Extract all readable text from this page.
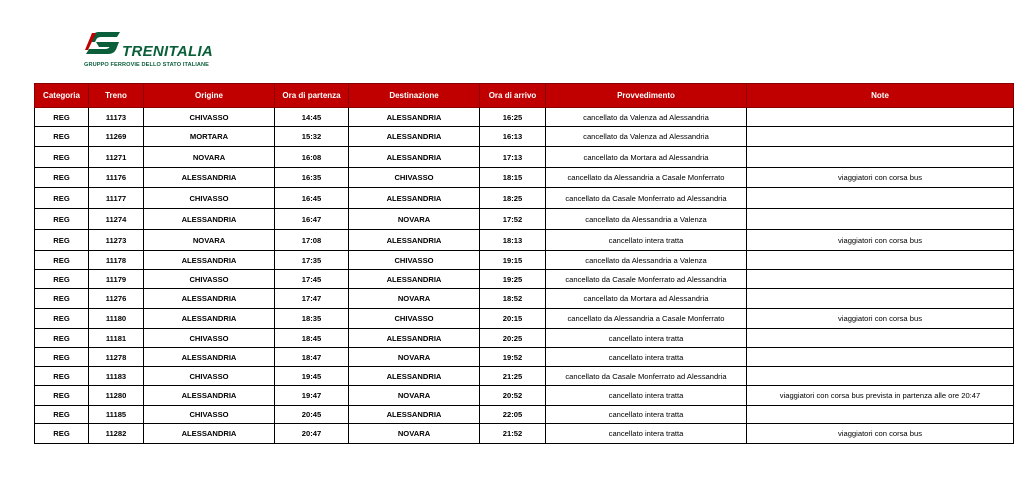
TRENITALIA
GRUPPO FERROVIE DELLO STATO ITALIANE
Categoria	Treno	Origine	Ora di partenza	Destinazione	Ora di arrivo	Provvedimento	Note
REG	11173	CHIVASSO	14:45	ALESSANDRIA	16:25	cancellato da Valenza ad Alessandria	
REG	11269	MORTARA	15:32	ALESSANDRIA	16:13	cancellato da Valenza ad Alessandria	
REG	11271	NOVARA	16:08	ALESSANDRIA	17:13	cancellato da Mortara ad Alessandria	
REG	11176	ALESSANDRIA	16:35	CHIVASSO	18:15	cancellato da Alessandria a Casale Monferrato	viaggiatori con corsa bus
REG	11177	CHIVASSO	16:45	ALESSANDRIA	18:25	cancellato da Casale Monferrato ad Alessandria	
REG	11274	ALESSANDRIA	16:47	NOVARA	17:52	cancellato da Alessandria a Valenza	
REG	11273	NOVARA	17:08	ALESSANDRIA	18:13	cancellato intera tratta	viaggiatori con corsa bus
REG	11178	ALESSANDRIA	17:35	CHIVASSO	19:15	cancellato da Alessandria a Valenza	
REG	11179	CHIVASSO	17:45	ALESSANDRIA	19:25	cancellato da Casale Monferrato ad Alessandria	
REG	11276	ALESSANDRIA	17:47	NOVARA	18:52	cancellato da Mortara ad Alessandria	
REG	11180	ALESSANDRIA	18:35	CHIVASSO	20:15	cancellato da Alessandria a Casale Monferrato	viaggiatori con corsa bus
REG	11181	CHIVASSO	18:45	ALESSANDRIA	20:25	cancellato intera tratta	
REG	11278	ALESSANDRIA	18:47	NOVARA	19:52	cancellato intera tratta	
REG	11183	CHIVASSO	19:45	ALESSANDRIA	21:25	cancellato da Casale Monferrato ad Alessandria	
REG	11280	ALESSANDRIA	19:47	NOVARA	20:52	cancellato intera tratta	viaggiatori con corsa bus prevista in partenza alle ore 20:47
REG	11185	CHIVASSO	20:45	ALESSANDRIA	22:05	cancellato intera tratta	
REG	11282	ALESSANDRIA	20:47	NOVARA	21:52	cancellato intera tratta	viaggiatori con corsa bus
